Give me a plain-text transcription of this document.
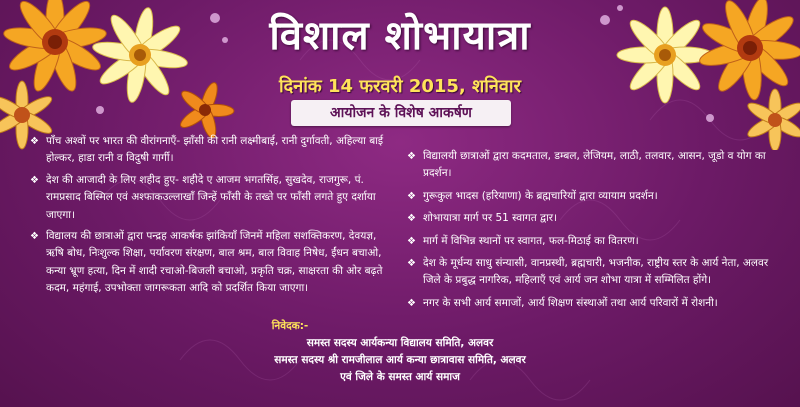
विशाल शोभायात्रा
दिनांक 14 फरवरी 2015, शनिवार
आयोजन के विशेष आकर्षण
❖ पाँच अश्वों पर भारत की वीरांगनाएँ- झाँसी की रानी लक्ष्मीबाई, रानी दुर्गावती, अहिल्या बाई होल्कर, हाडा रानी व विदुषी गार्गी।
❖ देश की आजादी के लिए शहीद हुए- शहीदे ए आजम भगतसिंह, सुखदेव, राजगुरू, पं. रामप्रसाद बिस्मिल एवं अश्फाकउल्लाखाँ जिन्हें फाँसी के तख्ते पर फाँसी लगते हुए दर्शाया जाएगा।
❖ विद्यालय की छात्राओं द्वारा पन्द्रह आकर्षक झांकियाँ जिनमें महिला सशक्तिकरण, देवयज्ञ, ऋषि बोध, निःशुल्क शिक्षा, पर्यावरण संरक्षण, बाल श्रम, बाल विवाह निषेध, ईंधन बचाओ, कन्या भ्रूण हत्या, दिन में शादी रचाओ-बिजली बचाओ, प्रकृति चक्र, साक्षरता की ओर बढ़ते कदम, महंगाई, उपभोक्ता जागरूकता आदि को प्रदर्शित किया जाएगा।
❖ विद्यालयी छात्राओं द्वारा कदमताल, डम्बल, लेजियम, लाठी, तलवार, आसन, जूडो व योग का प्रदर्शन।
❖ गुरूकुल भादस (हरियाणा) के ब्रह्मचारियों द्वारा व्यायाम प्रदर्शन।
❖ शोभायात्रा मार्ग पर 51 स्वागत द्वार।
❖ मार्ग में विभिन्न स्थानों पर स्वागत, फल-मिठाई का वितरण।
❖ देश के मूर्धन्य साधु संन्यासी, वानप्रस्थी, ब्रह्मचारी, भजनीक, राष्ट्रीय स्तर के आर्य नेता, अलवर जिले के प्रबुद्ध नागरिक, महिलाएँ एवं आर्य जन शोभा यात्रा में सम्मिलित होंगे।
❖ नगर के सभी आर्य समाजों, आर्य शिक्षण संस्थाओं तथा आर्य परिवारों में रोशनी।
निवेदक:-
समस्त सदस्य आर्यकन्या विद्यालय समिति, अलवर
समस्त सदस्य श्री रामजीलाल आर्य कन्या छात्रावास समिति, अलवर
एवं जिले के समस्त आर्य समाज
